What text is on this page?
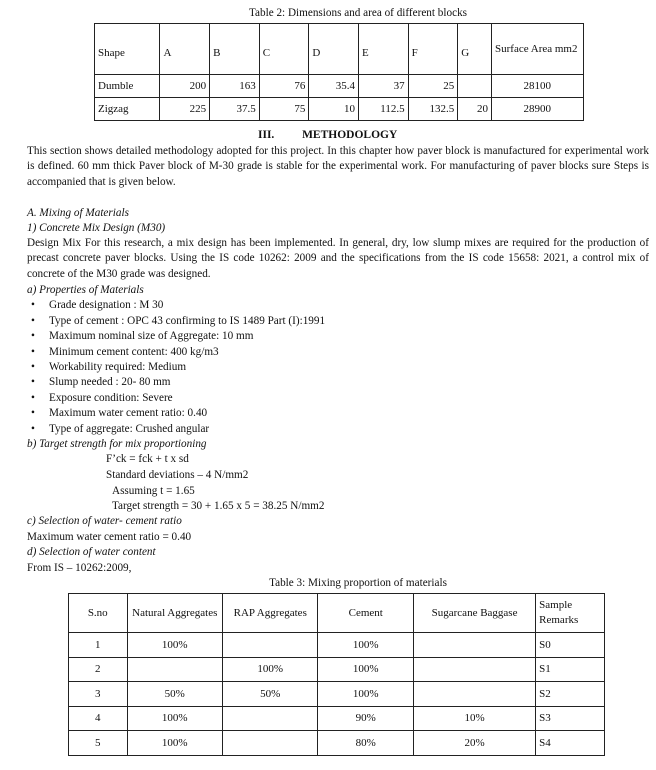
Table 2: Dimensions and area of different blocks
Shape	A	B	C	D	E	F	G	Surface Area mm2
Dumble	200	163	76	35.4	37	25		28100
Zigzag	225	37.5	75	10	112.5	132.5	20	28900
III. METHODOLOGY
This section shows detailed methodology adopted for this project. In this chapter how paver block is manufactured for experimental work is defined. 60 mm thick Paver block of M-30 grade is stable for the experimental work. For manufacturing of paver blocks sure Steps is accompanied that is given below.
A. Mixing of Materials
1) Concrete Mix Design (M30)
Design Mix For this research, a mix design has been implemented. In general, dry, low slump mixes are required for the production of precast concrete paver blocks. Using the IS code 10262: 2009 and the specifications from the IS code 15658: 2021, a control mix of concrete of the M30 grade was designed.
a) Properties of Materials
• Grade designation : M 30
• Type of cement : OPC 43 confirming to IS 1489 Part (I):1991
• Maximum nominal size of Aggregate: 10 mm
• Minimum cement content: 400 kg/m3
• Workability required: Medium
• Slump needed : 20- 80 mm
• Exposure condition: Severe
• Maximum water cement ratio: 0.40
• Type of aggregate: Crushed angular
b) Target strength for mix proportioning
F’ck = fck + t x sd
Standard deviations – 4 N/mm2
Assuming t = 1.65
Target strength = 30 + 1.65 x 5 = 38.25 N/mm2
c) Selection of water- cement ratio
Maximum water cement ratio = 0.40
d) Selection of water content
From IS – 10262:2009,
Table 3: Mixing proportion of materials
S.no	Natural Aggregates	RAP Aggregates	Cement	Sugarcane Baggase	Sample Remarks
1	100%		100%		S0
2		100%	100%		S1
3	50%	50%	100%		S2
4	100%		90%	10%	S3
5	100%		80%	20%	S4
